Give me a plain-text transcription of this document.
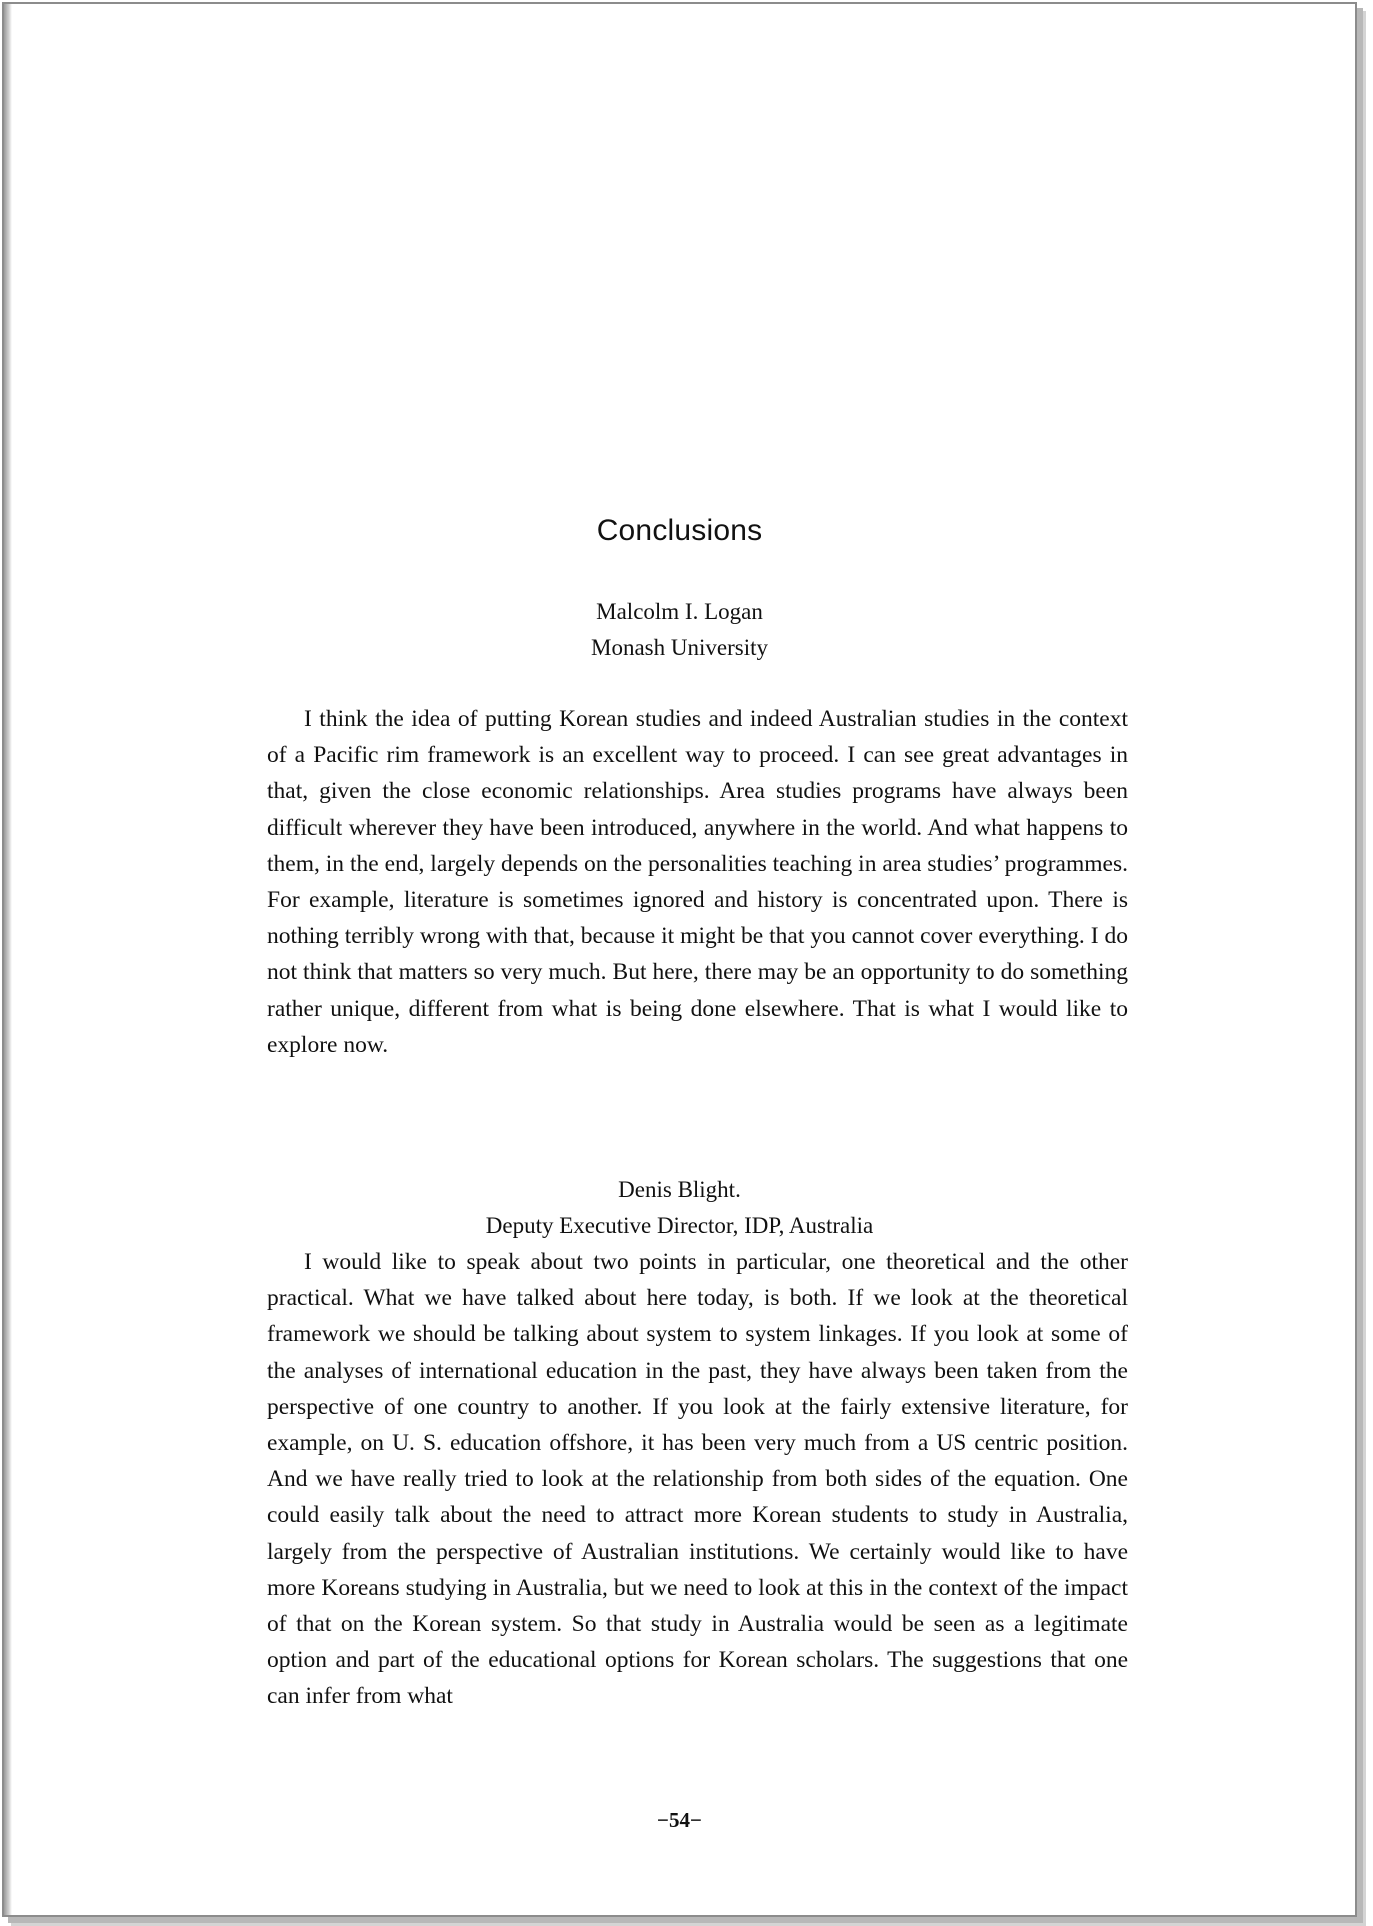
Conclusions
Malcolm I. Logan
Monash University

I think the idea of putting Korean studies and indeed Australian studies in the context of a Pacific rim framework is an excellent way to proceed. I can see great advantages in that, given the close economic relationships. Area studies programs have always been difficult wherever they have been introduced, anywhere in the world. And what happens to them, in the end, largely depends on the personalities teaching in area studies’ programmes. For example, literature is sometimes ignored and history is concentrated upon. There is nothing terribly wrong with that, because it might be that you cannot cover everything. I do not think that matters so very much. But here, there may be an opportunity to do something rather unique, different from what is being done elsewhere. That is what I would like to explore now.

Denis Blight.
Deputy Executive Director, IDP, Australia

I would like to speak about two points in particular, one theoretical and the other practical. What we have talked about here today, is both. If we look at the theoretical framework we should be talking about system to system linkages. If you look at some of the analyses of international education in the past, they have always been taken from the perspective of one country to another. If you look at the fairly extensive literature, for example, on U. S. education offshore, it has been very much from a US centric position. And we have really tried to look at the relationship from both sides of the equation. One could easily talk about the need to attract more Korean students to study in Australia, largely from the perspective of Australian institutions. We certainly would like to have more Koreans studying in Australia, but we need to look at this in the context of the impact of that on the Korean system. So that study in Australia would be seen as a legitimate option and part of the educational options for Korean scholars. The suggestions that one can infer from what

−54−
